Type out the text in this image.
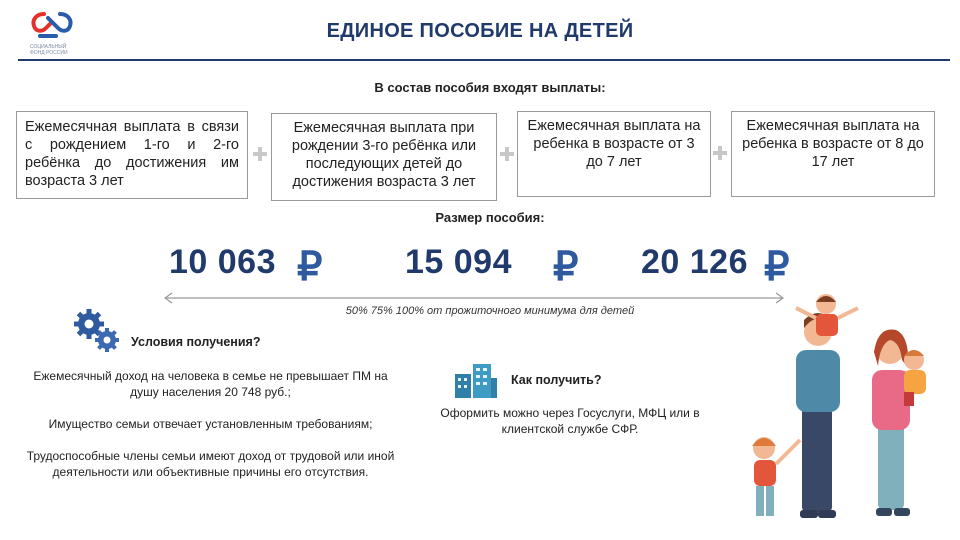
СОЦИАЛЬНЫЙ ФОНД РОССИИ
ЕДИНОЕ ПОСОБИЕ НА ДЕТЕЙ
В состав пособия входят выплаты:
Ежемесячная выплата в связи с рождением 1-го и 2-го ребёнка до достижения им возраста 3 лет
Ежемесячная выплата при рождении 3-го ребёнка или последующих детей до достижения возраста 3 лет
Ежемесячная выплата на ребенка в возрасте от 3 до 7 лет
Ежемесячная выплата на ребенка в возрасте от 8 до 17 лет
Размер пособия:
10 063 ₽ 15 094 ₽ 20 126 ₽
50% 75% 100% от прожиточного минимума для детей
Условия получения?

Ежемесячный доход на человека в семье не превышает ПМ на душу населения 20 748 руб.;

Имущество семьи отвечает установленным требованиям;

Трудоспособные члены семьи имеют доход от трудовой или иной деятельности или объективные причины его отсутствия.

Как получить?
Оформить можно через Госуслуги, МФЦ или в клиентской службе СФР.
